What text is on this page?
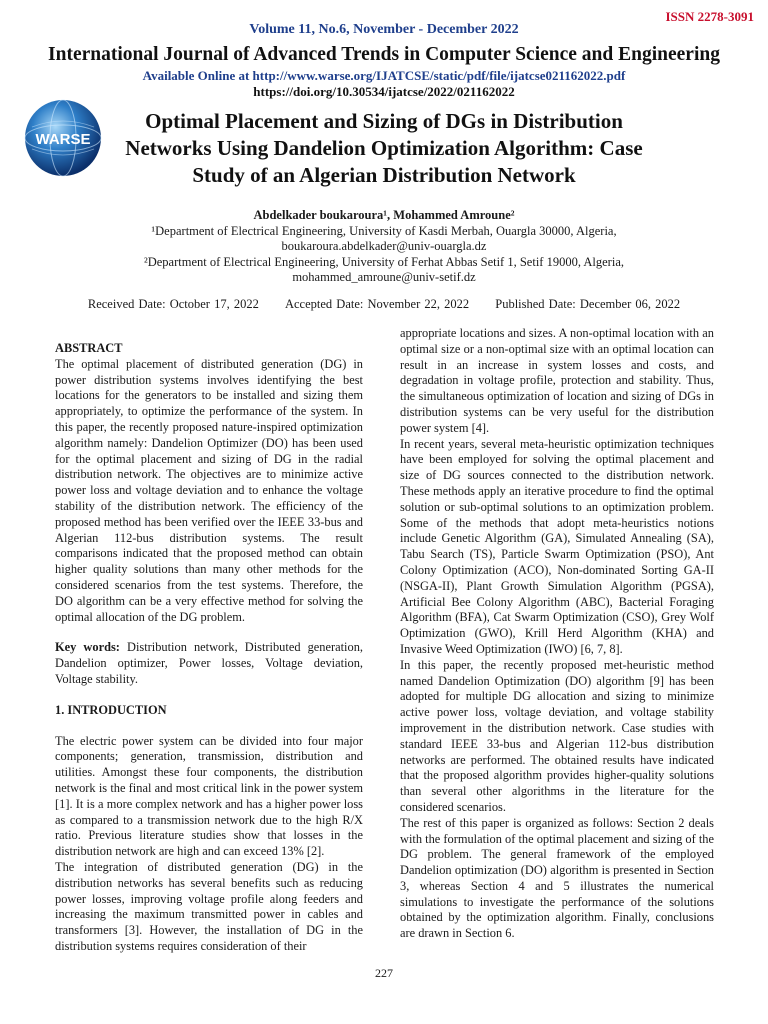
ISSN 2278-3091
Volume 11, No.6, November - December 2022
International Journal of Advanced Trends in Computer Science and Engineering
Available Online at http://www.warse.org/IJATCSE/static/pdf/file/ijatcse021162022.pdf
https://doi.org/10.30534/ijatcse/2022/021162022
WARSE
Optimal Placement and Sizing of DGs in Distribution Networks Using Dandelion Optimization Algorithm: Case Study of an Algerian Distribution Network
Abdelkader boukaroura¹, Mohammed Amroune²
¹Department of Electrical Engineering, University of Kasdi Merbah, Ouargla 30000, Algeria,
boukaroura.abdelkader@univ-ouargla.dz
²Department of Electrical Engineering, University of Ferhat Abbas Setif 1, Setif 19000, Algeria,
mohammed_amroune@univ-setif.dz
Received Date: October 17, 2022 Accepted Date: November 22, 2022 Published Date: December 06, 2022

ABSTRACT

The optimal placement of distributed generation (DG) in power distribution systems involves identifying the best locations for the generators to be installed and sizing them appropriately, to optimize the performance of the system. In this paper, the recently proposed nature-inspired optimization algorithm namely: Dandelion Optimizer (DO) has been used for the optimal placement and sizing of DG in the radial distribution network. The objectives are to minimize active power loss and voltage deviation and to enhance the voltage stability of the distribution network. The efficiency of the proposed method has been verified over the IEEE 33-bus and Algerian 112-bus distribution systems. The result comparisons indicated that the proposed method can obtain higher quality solutions than many other methods for the considered scenarios from the test systems. Therefore, the DO algorithm can be a very effective method for solving the optimal allocation of the DG problem.

Key words: Distribution network, Distributed generation, Dandelion optimizer, Power losses, Voltage deviation, Voltage stability.

1. INTRODUCTION

The electric power system can be divided into four major components; generation, transmission, distribution and utilities. Amongst these four components, the distribution network is the final and most critical link in the power system [1]. It is a more complex network and has a higher power loss as compared to a transmission network due to the high R/X ratio. Previous literature studies show that losses in the distribution network are high and can exceed 13% [2].

The integration of distributed generation (DG) in the distribution networks has several benefits such as reducing power losses, improving voltage profile along feeders and increasing the maximum transmitted power in cables and transformers [3]. However, the installation of DG in the distribution systems requires consideration of their

appropriate locations and sizes. A non-optimal location with an optimal size or a non-optimal size with an optimal location can result in an increase in system losses and costs, and degradation in voltage profile, protection and stability. Thus, the simultaneous optimization of location and sizing of DGs in distribution systems can be very useful for the distribution power system [4].

In recent years, several meta-heuristic optimization techniques have been employed for solving the optimal placement and size of DG sources connected to the distribution network. These methods apply an iterative procedure to find the optimal solution or sub-optimal solutions to an optimization problem. Some of the methods that adopt meta-heuristics notions include Genetic Algorithm (GA), Simulated Annealing (SA), Tabu Search (TS), Particle Swarm Optimization (PSO), Ant Colony Optimization (ACO), Non-dominated Sorting GA-II (NSGA-II), Plant Growth Simulation Algorithm (PGSA), Artificial Bee Colony Algorithm (ABC), Bacterial Foraging Algorithm (BFA), Cat Swarm Optimization (CSO), Grey Wolf Optimization (GWO), Krill Herd Algorithm (KHA) and Invasive Weed Optimization (IWO) [6, 7, 8].

In this paper, the recently proposed met-heuristic method named Dandelion Optimization (DO) algorithm [9] has been adopted for multiple DG allocation and sizing to minimize active power loss, voltage deviation, and voltage stability improvement in the distribution network. Case studies with standard IEEE 33-bus and Algerian 112-bus distribution networks are performed. The obtained results have indicated that the proposed algorithm provides higher-quality solutions than several other algorithms in the literature for the considered scenarios.

The rest of this paper is organized as follows: Section 2 deals with the formulation of the optimal placement and sizing of the DG problem. The general framework of the employed Dandelion optimization (DO) algorithm is presented in Section 3, whereas Section 4 and 5 illustrates the numerical simulations to investigate the performance of the solutions obtained by the optimization algorithm. Finally, conclusions are drawn in Section 6.

227
